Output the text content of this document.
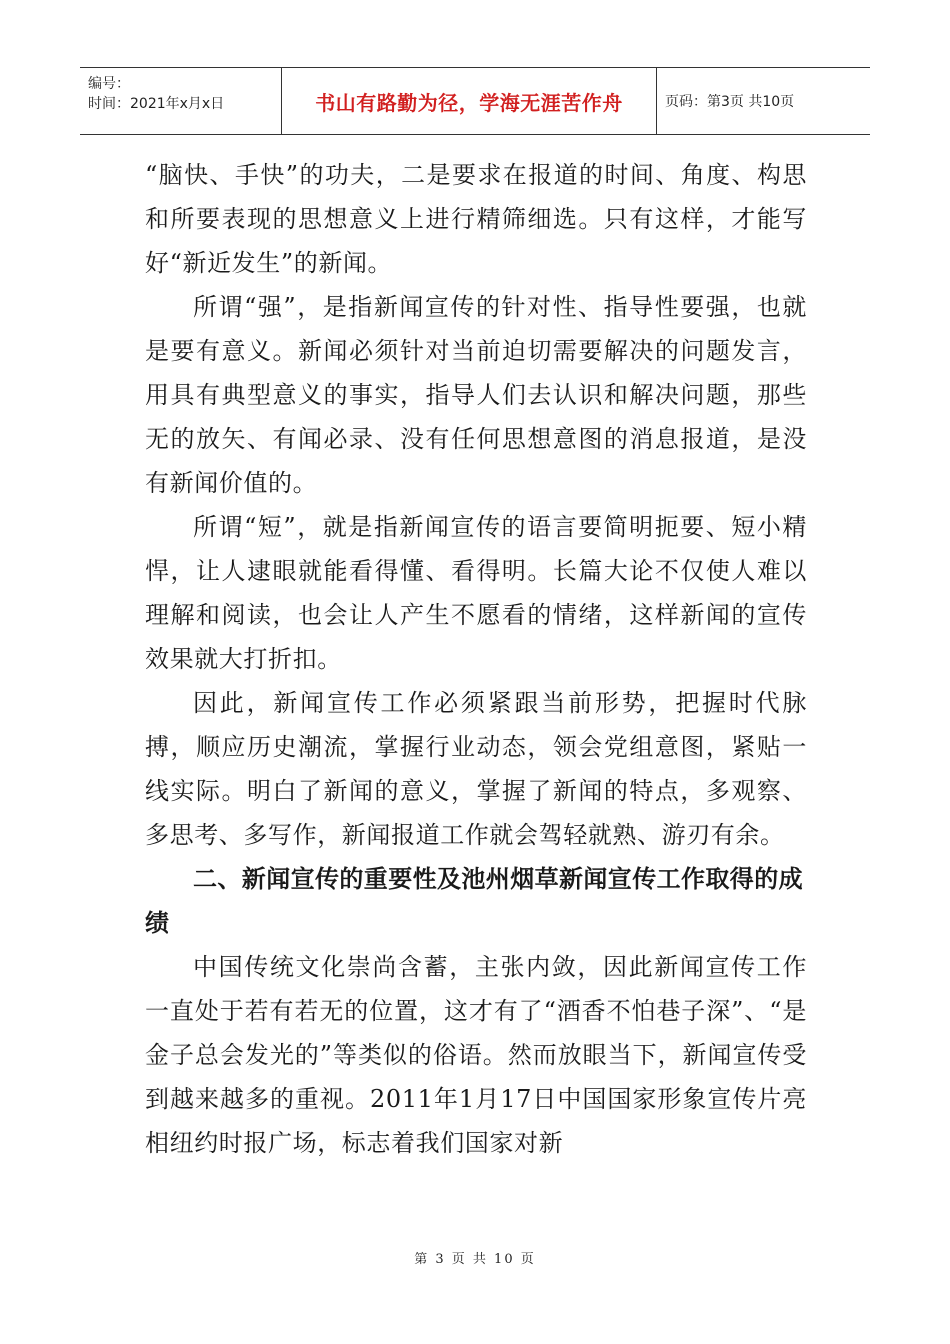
编号：
时间：2021年x月x日	书山有路勤为径，学海无涯苦作舟	页码：第3页 共10页

“脑快、手快”的功夫，二是要求在报道的时间、角度、构思和所要表现的思想意义上进行精筛细选。只有这样，才能写好“新近发生”的新闻。

所谓“强”，是指新闻宣传的针对性、指导性要强，也就是要有意义。新闻必须针对当前迫切需要解决的问题发言，用具有典型意义的事实，指导人们去认识和解决问题，那些无的放矢、有闻必录、没有任何思想意图的消息报道，是没有新闻价值的。

所谓“短”，就是指新闻宣传的语言要简明扼要、短小精悍，让人逮眼就能看得懂、看得明。长篇大论不仅使人难以理解和阅读，也会让人产生不愿看的情绪，这样新闻的宣传效果就大打折扣。

因此，新闻宣传工作必须紧跟当前形势，把握时代脉搏，顺应历史潮流，掌握行业动态，领会党组意图，紧贴一线实际。明白了新闻的意义，掌握了新闻的特点，多观察、多思考、多写作，新闻报道工作就会驾轻就熟、游刃有余。

二、新闻宣传的重要性及池州烟草新闻宣传工作取得的成绩

中国传统文化崇尚含蓄，主张内敛，因此新闻宣传工作一直处于若有若无的位置，这才有了“酒香不怕巷子深”、“是金子总会发光的”等类似的俗语。然而放眼当下，新闻宣传受到越来越多的重视。2011年1月17日中国国家形象宣传片亮相纽约时报广场，标志着我们国家对新

第 3 页 共 10 页
